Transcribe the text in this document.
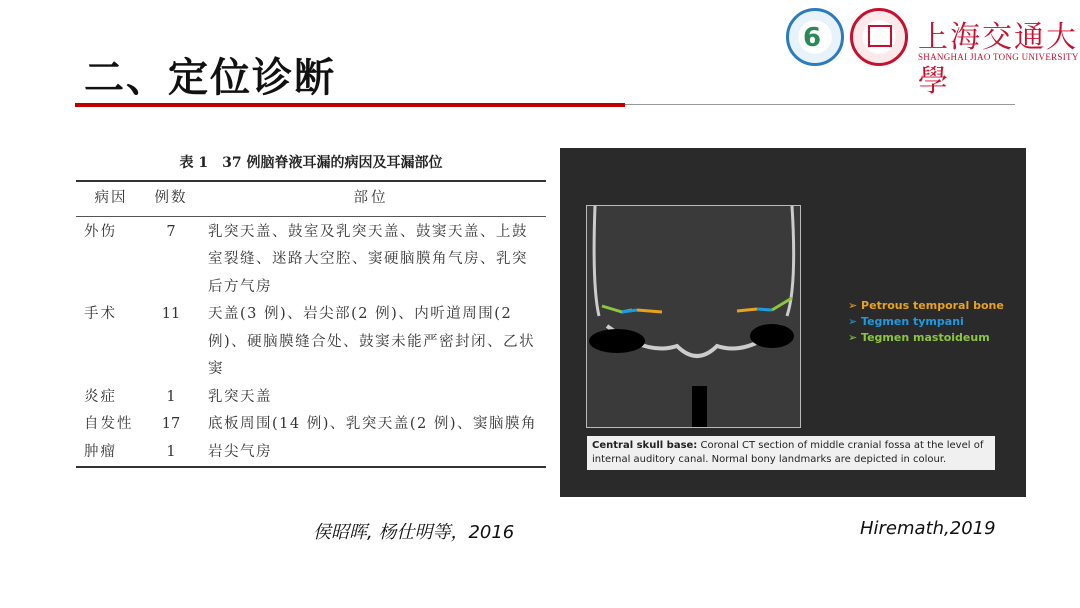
二、定位诊断
6	上海交通大學
SHANGHAI JIAO TONG UNIVERSITY
表 1　37 例脑脊液耳漏的病因及耳漏部位
病因	例数	部位
外伤	7	乳突天盖、鼓室及乳突天盖、鼓窦天盖、上鼓室裂缝、迷路大空腔、窦硬脑膜角气房、乳突后方气房
手术	11	天盖(3 例)、岩尖部(2 例)、内听道周围(2 例)、硬脑膜缝合处、鼓窦未能严密封闭、乙状窦
炎症	1	乳突天盖
自发性	17	底板周围(14 例)、乳突天盖(2 例)、窦脑膜角
肿瘤	1	岩尖气房
➢ Petrous temporal bone
➢ Tegmen tympani
➢ Tegmen mastoideum
Central skull base: Coronal CT section of middle cranial fossa at the level of internal auditory canal. Normal bony landmarks are depicted in colour.
侯昭晖, 杨仕明等，2016	Hiremath,2019
